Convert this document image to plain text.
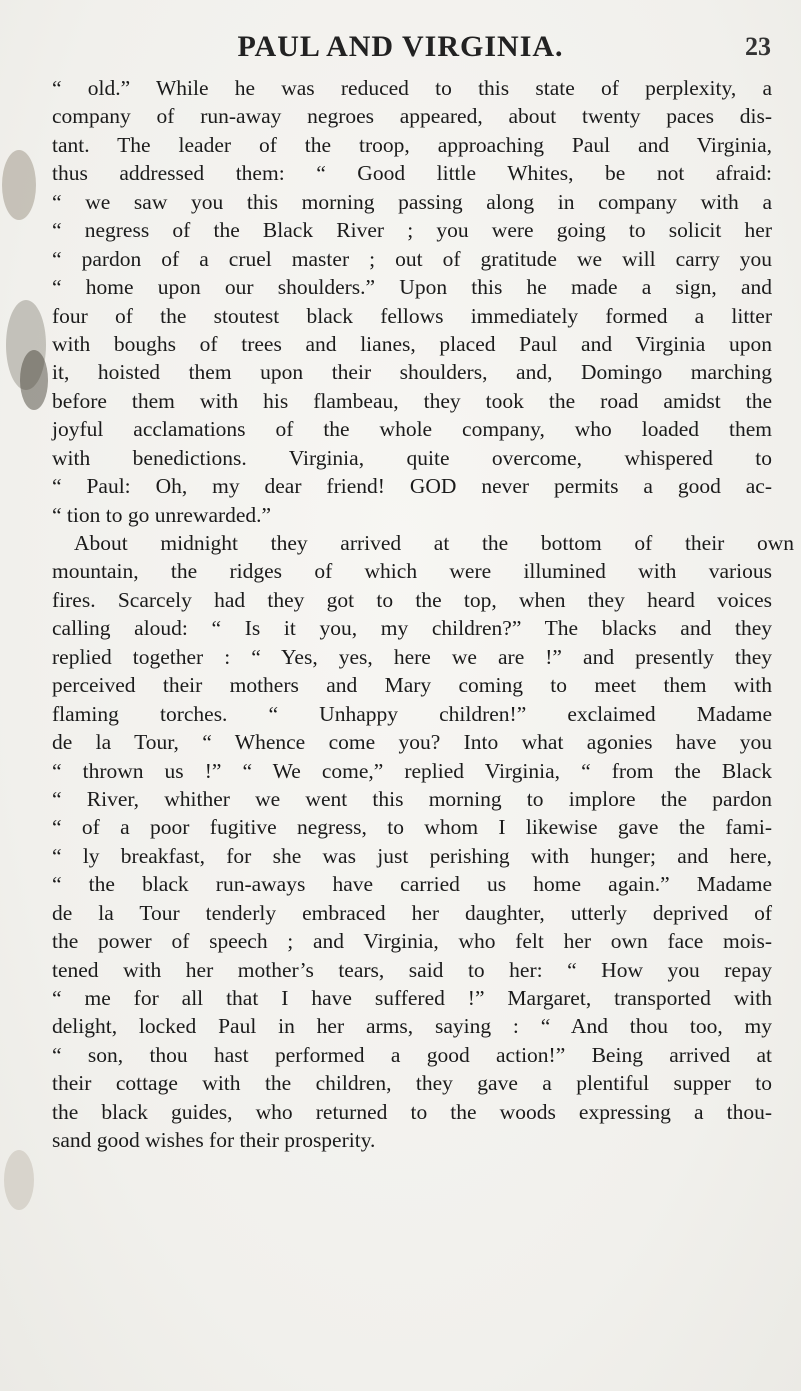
PAUL AND VIRGINIA.	23
“ old.” While he was reduced to this state of perplexity, a
company of run-away negroes appeared, about twenty paces dis-
tant. The leader of the troop, approaching Paul and Virginia,
thus addressed them: “ Good little Whites, be not afraid:
“ we saw you this morning passing along in company with a
“ negress of the Black River ; you were going to solicit her
“ pardon of a cruel master ; out of gratitude we will carry you
“ home upon our shoulders.” Upon this he made a sign, and
four of the stoutest black fellows immediately formed a litter
with boughs of trees and lianes, placed Paul and Virginia upon
it, hoisted them upon their shoulders, and, Domingo marching
before them with his flambeau, they took the road amidst the
joyful acclamations of the whole company, who loaded them
with benedictions. Virginia, quite overcome, whispered to
“ Paul: Oh, my dear friend! GOD never permits a good ac-
“ tion to go unrewarded.”
About midnight they arrived at the bottom of their own
mountain, the ridges of which were illumined with various
fires. Scarcely had they got to the top, when they heard voices
calling aloud: “ Is it you, my children?” The blacks and they
replied together : “ Yes, yes, here we are !” and presently they
perceived their mothers and Mary coming to meet them with
flaming torches. “ Unhappy children!” exclaimed Madame
de la Tour, “ Whence come you? Into what agonies have you
“ thrown us !” “ We come,” replied Virginia, “ from the Black
“ River, whither we went this morning to implore the pardon
“ of a poor fugitive negress, to whom I likewise gave the fami-
“ ly breakfast, for she was just perishing with hunger; and here,
“ the black run-aways have carried us home again.” Madame
de la Tour tenderly embraced her daughter, utterly deprived of
the power of speech ; and Virginia, who felt her own face mois-
tened with her mother’s tears, said to her: “ How you repay
“ me for all that I have suffered !” Margaret, transported with
delight, locked Paul in her arms, saying : “ And thou too, my
“ son, thou hast performed a good action!” Being arrived at
their cottage with the children, they gave a plentiful supper to
the black guides, who returned to the woods expressing a thou-
sand good wishes for their prosperity.
